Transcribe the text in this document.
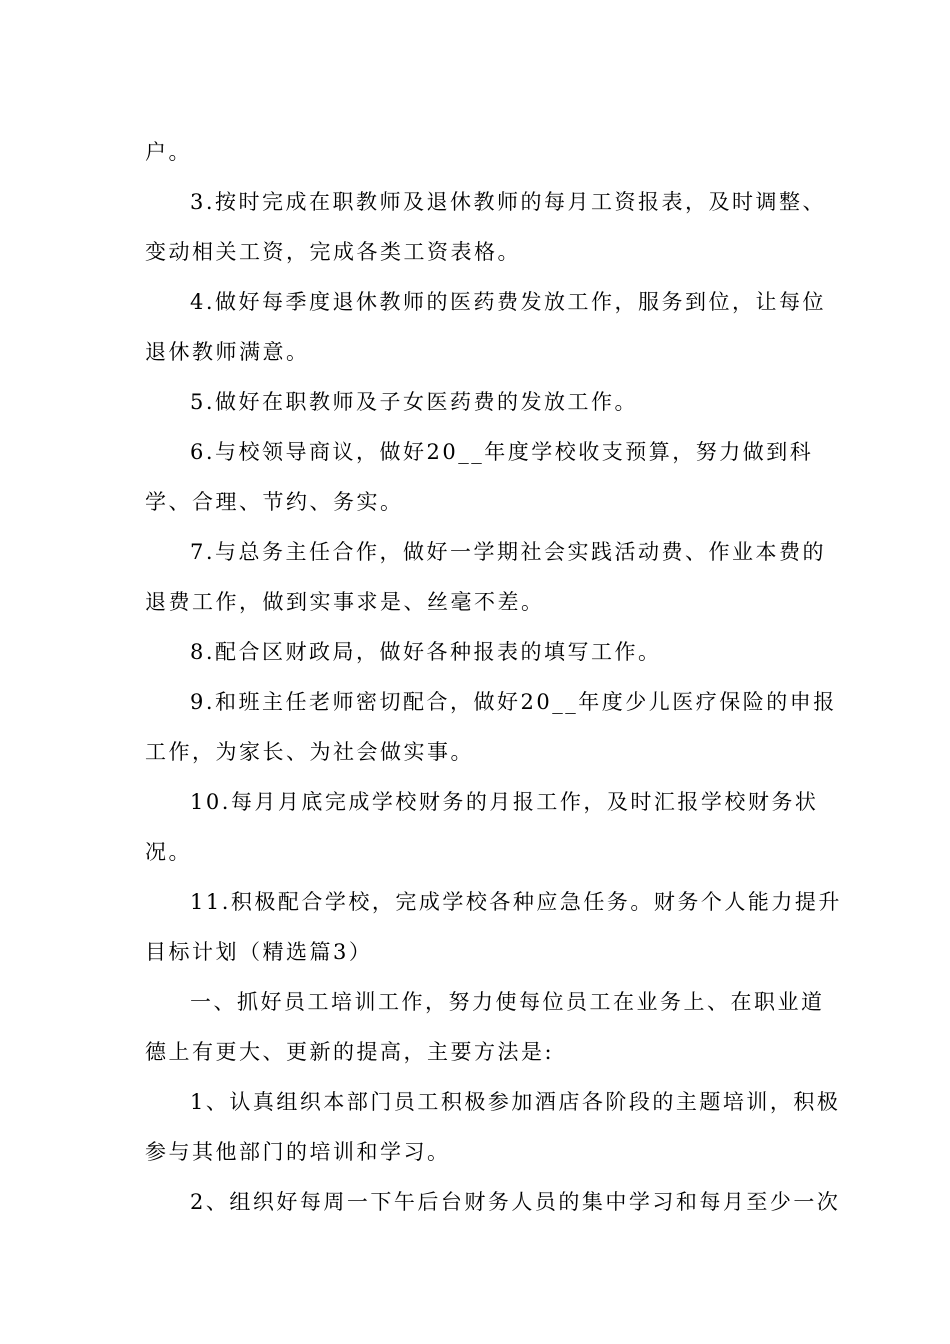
户。
3.按时完成在职教师及退休教师的每月工资报表，及时调整、
变动相关工资，完成各类工资表格。
4.做好每季度退休教师的医药费发放工作，服务到位，让每位
退休教师满意。
5.做好在职教师及子女医药费的发放工作。
6.与校领导商议，做好20__年度学校收支预算，努力做到科
学、合理、节约、务实。
7.与总务主任合作，做好一学期社会实践活动费、作业本费的
退费工作，做到实事求是、丝毫不差。
8.配合区财政局，做好各种报表的填写工作。
9.和班主任老师密切配合，做好20__年度少儿医疗保险的申报
工作，为家长、为社会做实事。
10.每月月底完成学校财务的月报工作，及时汇报学校财务状
况。
11.积极配合学校，完成学校各种应急任务。财务个人能力提升
目标计划（精选篇3）
一、抓好员工培训工作，努力使每位员工在业务上、在职业道
德上有更大、更新的提高，主要方法是:
1、认真组织本部门员工积极参加酒店各阶段的主题培训，积极
参与其他部门的培训和学习。
2、组织好每周一下午后台财务人员的集中学习和每月至少一次
